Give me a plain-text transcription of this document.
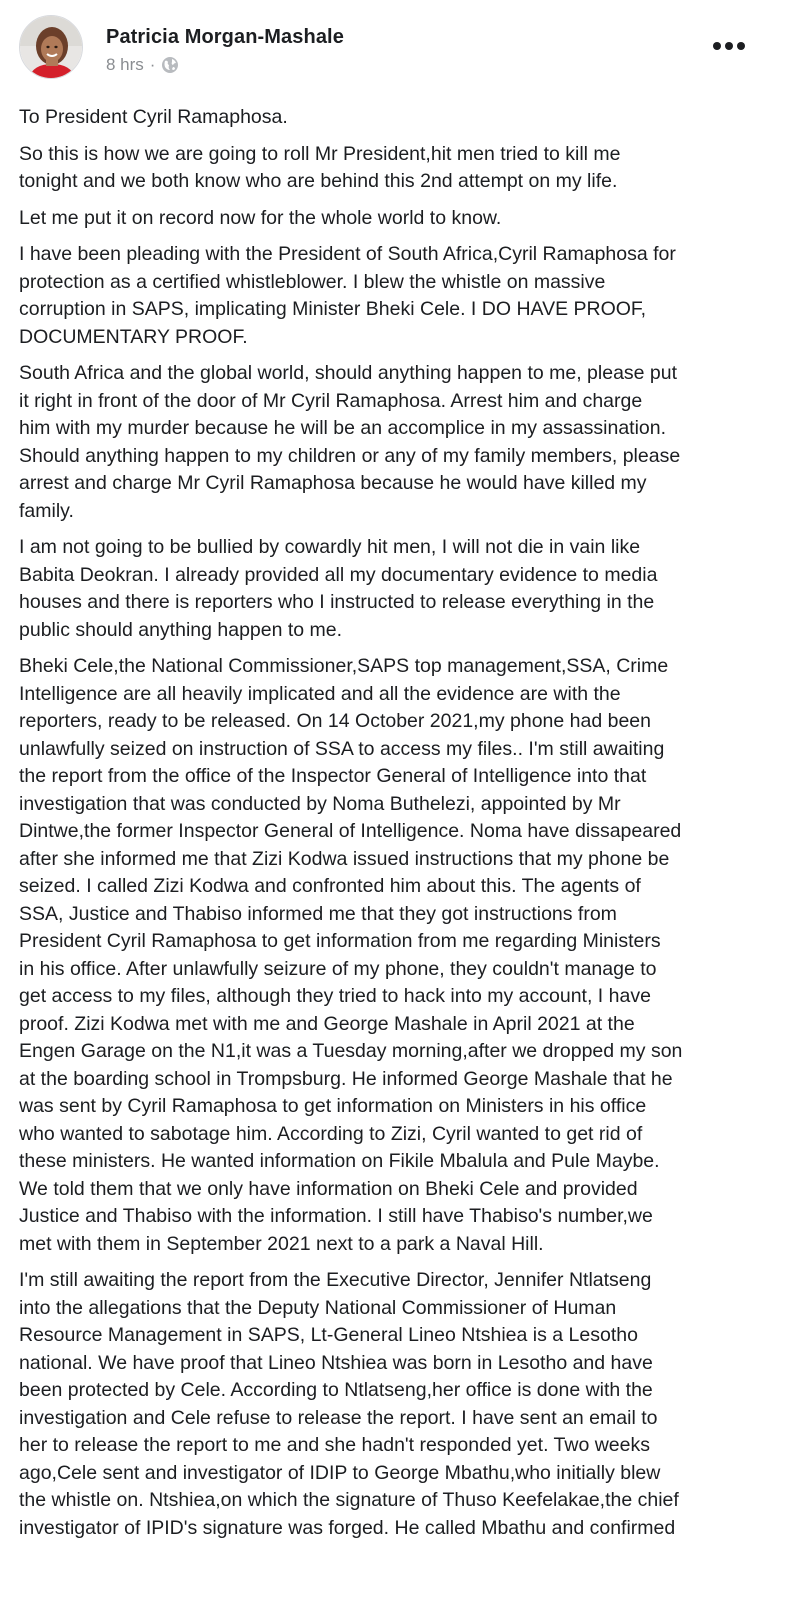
Patricia Morgan-Mashale
8 hrs ·

To President Cyril Ramaphosa.

So this is how we are going to roll Mr President,hit men tried to kill me
tonight and we both know who are behind this 2nd attempt on my life.

Let me put it on record now for the whole world to know.

I have been pleading with the President of South Africa,Cyril Ramaphosa for
protection as a certified whistleblower. I blew the whistle on massive
corruption in SAPS, implicating Minister Bheki Cele. I DO HAVE PROOF,
DOCUMENTARY PROOF.

South Africa and the global world, should anything happen to me, please put
it right in front of the door of Mr Cyril Ramaphosa. Arrest him and charge
him with my murder because he will be an accomplice in my assassination.
Should anything happen to my children or any of my family members, please
arrest and charge Mr Cyril Ramaphosa because he would have killed my
family.

I am not going to be bullied by cowardly hit men, I will not die in vain like
Babita Deokran. I already provided all my documentary evidence to media
houses and there is reporters who I instructed to release everything in the
public should anything happen to me.

Bheki Cele,the National Commissioner,SAPS top management,SSA, Crime
Intelligence are all heavily implicated and all the evidence are with the
reporters, ready to be released. On 14 October 2021,my phone had been
unlawfully seized on instruction of SSA to access my files.. I'm still awaiting
the report from the office of the Inspector General of Intelligence into that
investigation that was conducted by Noma Buthelezi, appointed by Mr
Dintwe,the former Inspector General of Intelligence. Noma have dissapeared
after she informed me that Zizi Kodwa issued instructions that my phone be
seized. I called Zizi Kodwa and confronted him about this. The agents of
SSA, Justice and Thabiso informed me that they got instructions from
President Cyril Ramaphosa to get information from me regarding Ministers
in his office. After unlawfully seizure of my phone, they couldn't manage to
get access to my files, although they tried to hack into my account, I have
proof. Zizi Kodwa met with me and George Mashale in April 2021 at the
Engen Garage on the N1,it was a Tuesday morning,after we dropped my son
at the boarding school in Trompsburg. He informed George Mashale that he
was sent by Cyril Ramaphosa to get information on Ministers in his office
who wanted to sabotage him. According to Zizi, Cyril wanted to get rid of
these ministers. He wanted information on Fikile Mbalula and Pule Maybe.
We told them that we only have information on Bheki Cele and provided
Justice and Thabiso with the information. I still have Thabiso's number,we
met with them in September 2021 next to a park a Naval Hill.

I'm still awaiting the report from the Executive Director, Jennifer Ntlatseng
into the allegations that the Deputy National Commissioner of Human
Resource Management in SAPS, Lt-General Lineo Ntshiea is a Lesotho
national. We have proof that Lineo Ntshiea was born in Lesotho and have
been protected by Cele. According to Ntlatseng,her office is done with the
investigation and Cele refuse to release the report. I have sent an email to
her to release the report to me and she hadn't responded yet. Two weeks
ago,Cele sent and investigator of IDIP to George Mbathu,who initially blew
the whistle on. Ntshiea,on which the signature of Thuso Keefelakae,the chief
investigator of IPID's signature was forged. He called Mbathu and confirmed
